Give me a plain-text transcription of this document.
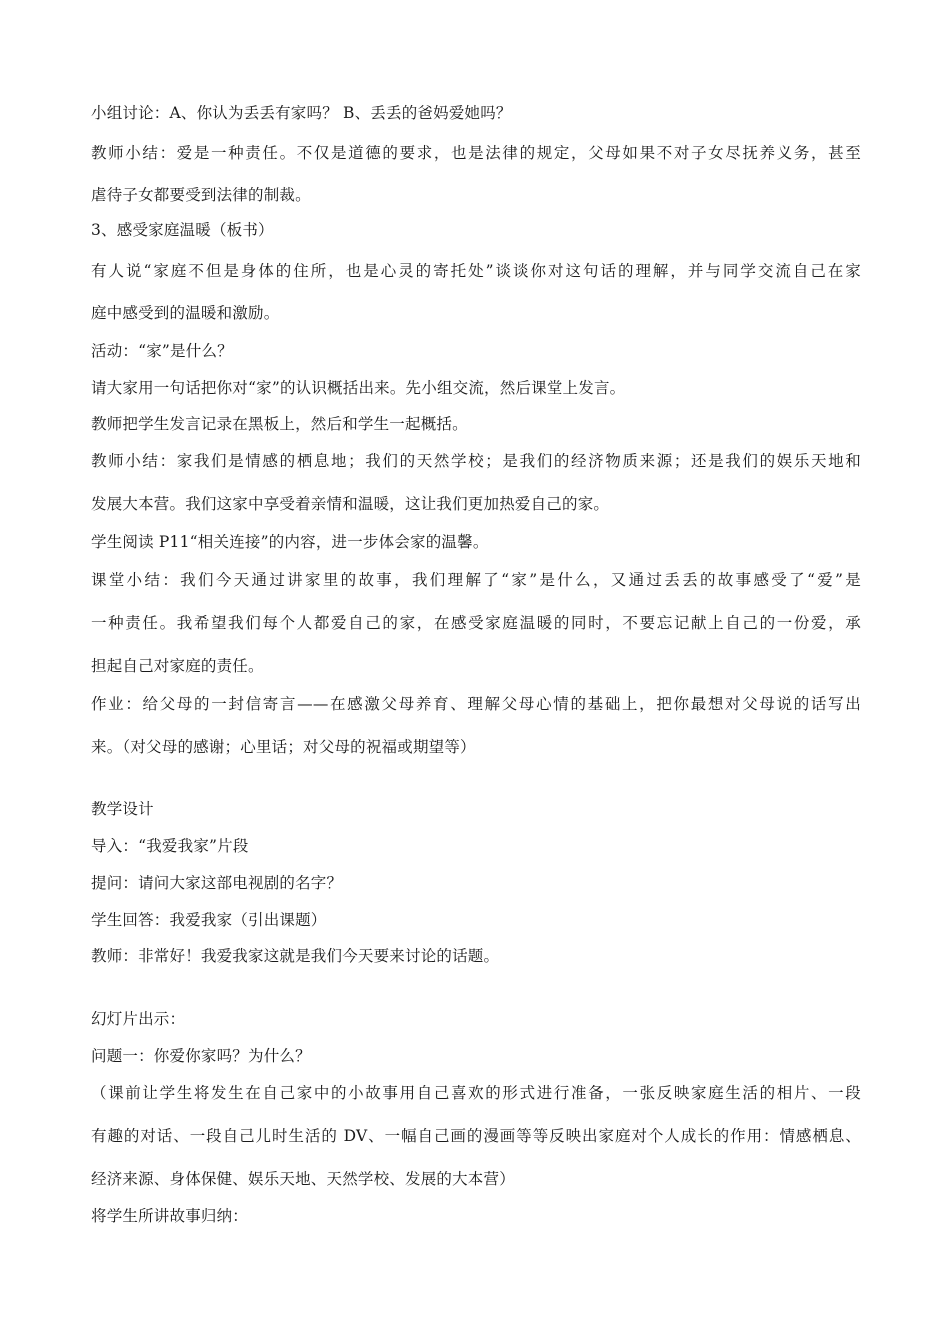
小组讨论：A、你认为丢丢有家吗？ B、丢丢的爸妈爱她吗？
教师小结：爱是一种责任。不仅是道德的要求，也是法律的规定，父母如果不对子女尽抚养义务，甚至
虐待子女都要受到法律的制裁。
3、感受家庭温暖（板书）
有人说“家庭不但是身体的住所，也是心灵的寄托处”谈谈你对这句话的理解，并与同学交流自己在家
庭中感受到的温暖和激励。
活动：“家”是什么？
请大家用一句话把你对“家”的认识概括出来。先小组交流，然后课堂上发言。
教师把学生发言记录在黑板上，然后和学生一起概括。
教师小结：家我们是情感的栖息地；我们的天然学校；是我们的经济物质来源；还是我们的娱乐天地和
发展大本营。我们这家中享受着亲情和温暖，这让我们更加热爱自己的家。
学生阅读 P11“相关连接”的内容，进一步体会家的温馨。
课堂小结：我们今天通过讲家里的故事，我们理解了“家”是什么，又通过丢丢的故事感受了“爱”是
一种责任。我希望我们每个人都爱自己的家，在感受家庭温暖的同时，不要忘记献上自己的一份爱，承
担起自己对家庭的责任。
作业：给父母的一封信寄言——在感激父母养育、理解父母心情的基础上，把你最想对父母说的话写出
来。（对父母的感谢；心里话；对父母的祝福或期望等）
教学设计
导入：“我爱我家”片段
提问：请问大家这部电视剧的名字？
学生回答：我爱我家（引出课题）
教师：非常好！我爱我家这就是我们今天要来讨论的话题。
幻灯片出示：
问题一：你爱你家吗？为什么？
（课前让学生将发生在自己家中的小故事用自己喜欢的形式进行准备，一张反映家庭生活的相片、一段
有趣的对话、一段自己儿时生活的 DV、一幅自己画的漫画等等反映出家庭对个人成长的作用：情感栖息、
经济来源、身体保健、娱乐天地、天然学校、发展的大本营）
将学生所讲故事归纳：
